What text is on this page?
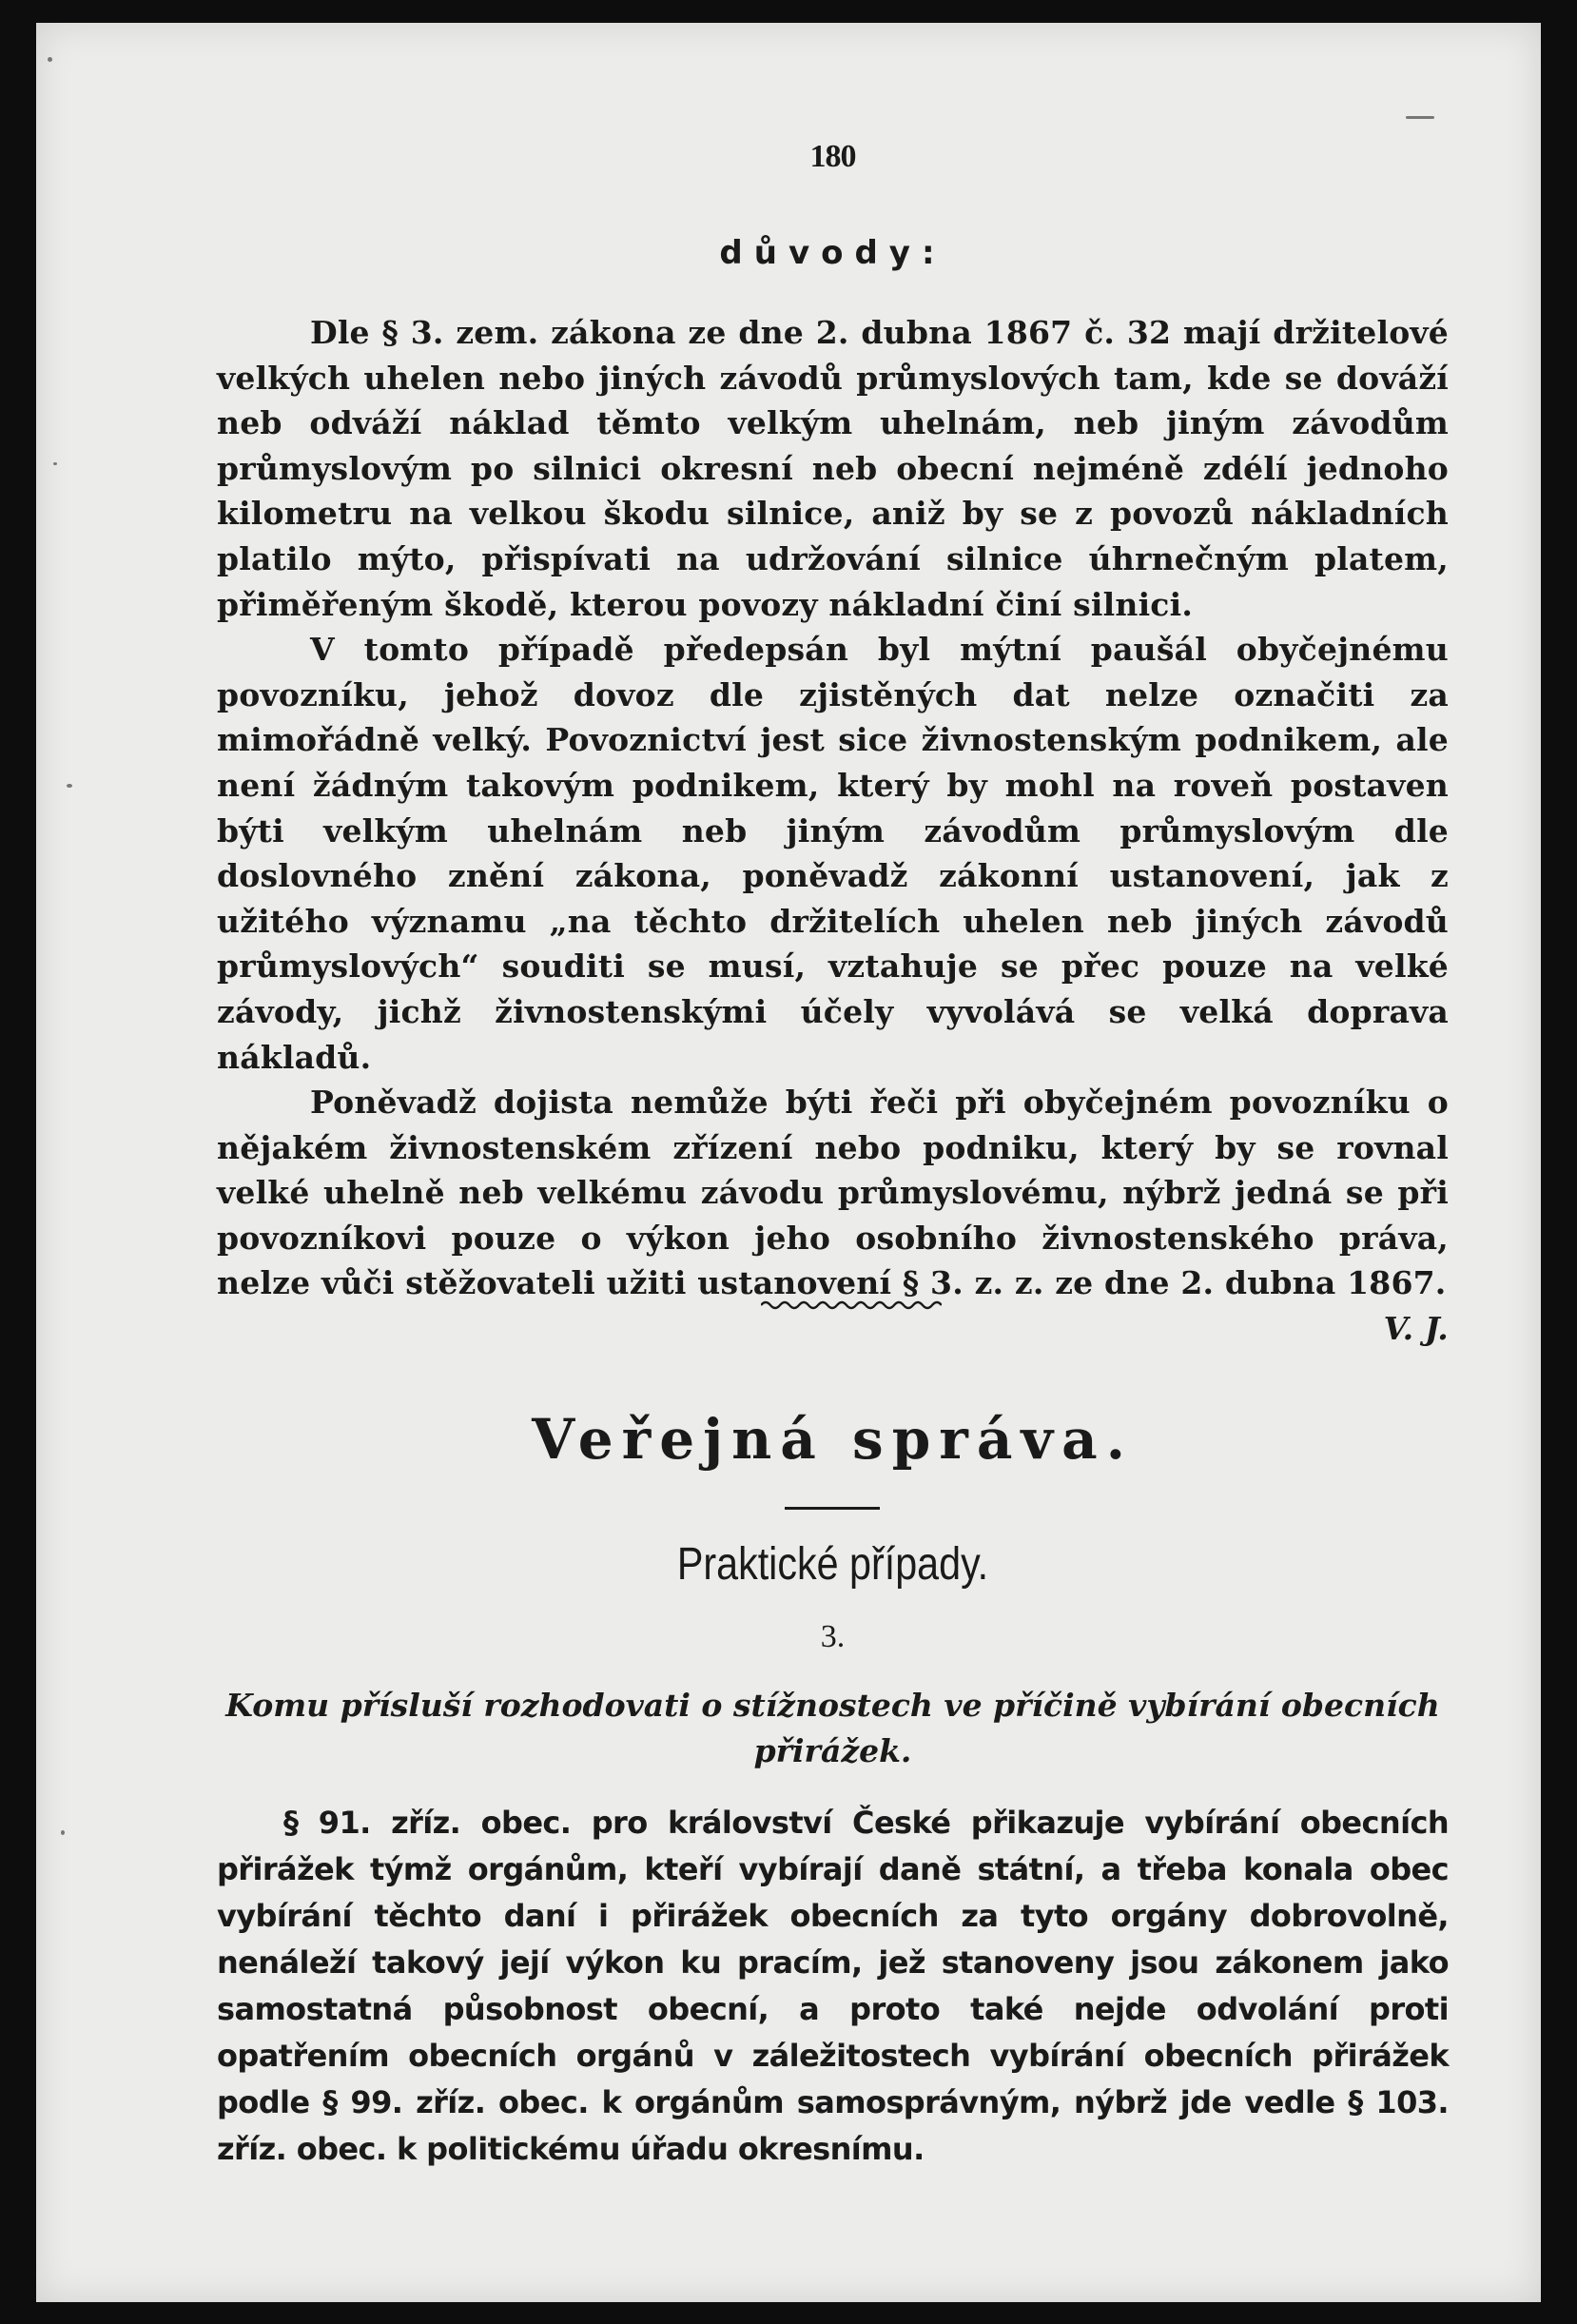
180
důvody:

Dle § 3. zem. zákona ze dne 2. dubna 1867 č. 32 mají držitelové velkých uhelen nebo jiných závodů průmyslových tam, kde se dováží neb odváží náklad těmto velkým uhelnám, neb jiným závodům průmyslovým po silnici okresní neb obecní nejméně zdélí jednoho kilometru na velkou škodu silnice, aniž by se z povozů nákladních platilo mýto, přispívati na udržování silnice úhrnečným platem, přiměřeným škodě, kterou povozy nákladní činí silnici.

V tomto případě předepsán byl mýtní paušál obyčejnému povozníku, jehož dovoz dle zjistěných dat nelze označiti za mimořádně velký. Povoznictví jest sice živnostenským podnikem, ale není žádným takovým podnikem, který by mohl na roveň postaven býti velkým uhelnám neb jiným závodům průmyslovým dle doslovného znění zákona, poněvadž zákonní ustanovení, jak z užitého významu „na těchto držitelích uhelen neb jiných závodů průmyslových“ souditi se musí, vztahuje se přec pouze na velké závody, jichž živnostenskými účely vyvolává se velká doprava nákladů.

Poněvadž dojista nemůže býti řeči při obyčejném povozníku o nějakém živnostenském zřízení nebo podniku, který by se rovnal velké uhelně neb velkému závodu průmyslovému, nýbrž jedná se při povozníkovi pouze o výkon jeho osobního živnostenského práva, nelze vůči stěžovateli užiti ustanovení § 3. z. z. ze dne 2. dubna 1867.
V. J.

Veřejná správa.
Praktické případy.
3.
Komu přísluší rozhodovati o stížnostech ve příčině vybírání obecních přirážek.

§ 91. zříz. obec. pro království České přikazuje vybírání obecních přirážek týmž orgánům, kteří vybírají daně státní, a třeba konala obec vybírání těchto daní i přirážek obecních za tyto orgány dobrovolně, nenáleží takový její výkon ku pracím, jež stanoveny jsou zákonem jako samostatná působnost obecní, a proto také nejde odvolání proti opatřením obecních orgánů v záležitostech vybírání obecních přirážek podle § 99. zříz. obec. k orgánům samosprávným, nýbrž jde vedle § 103. zříz. obec. k politickému úřadu okresnímu.
